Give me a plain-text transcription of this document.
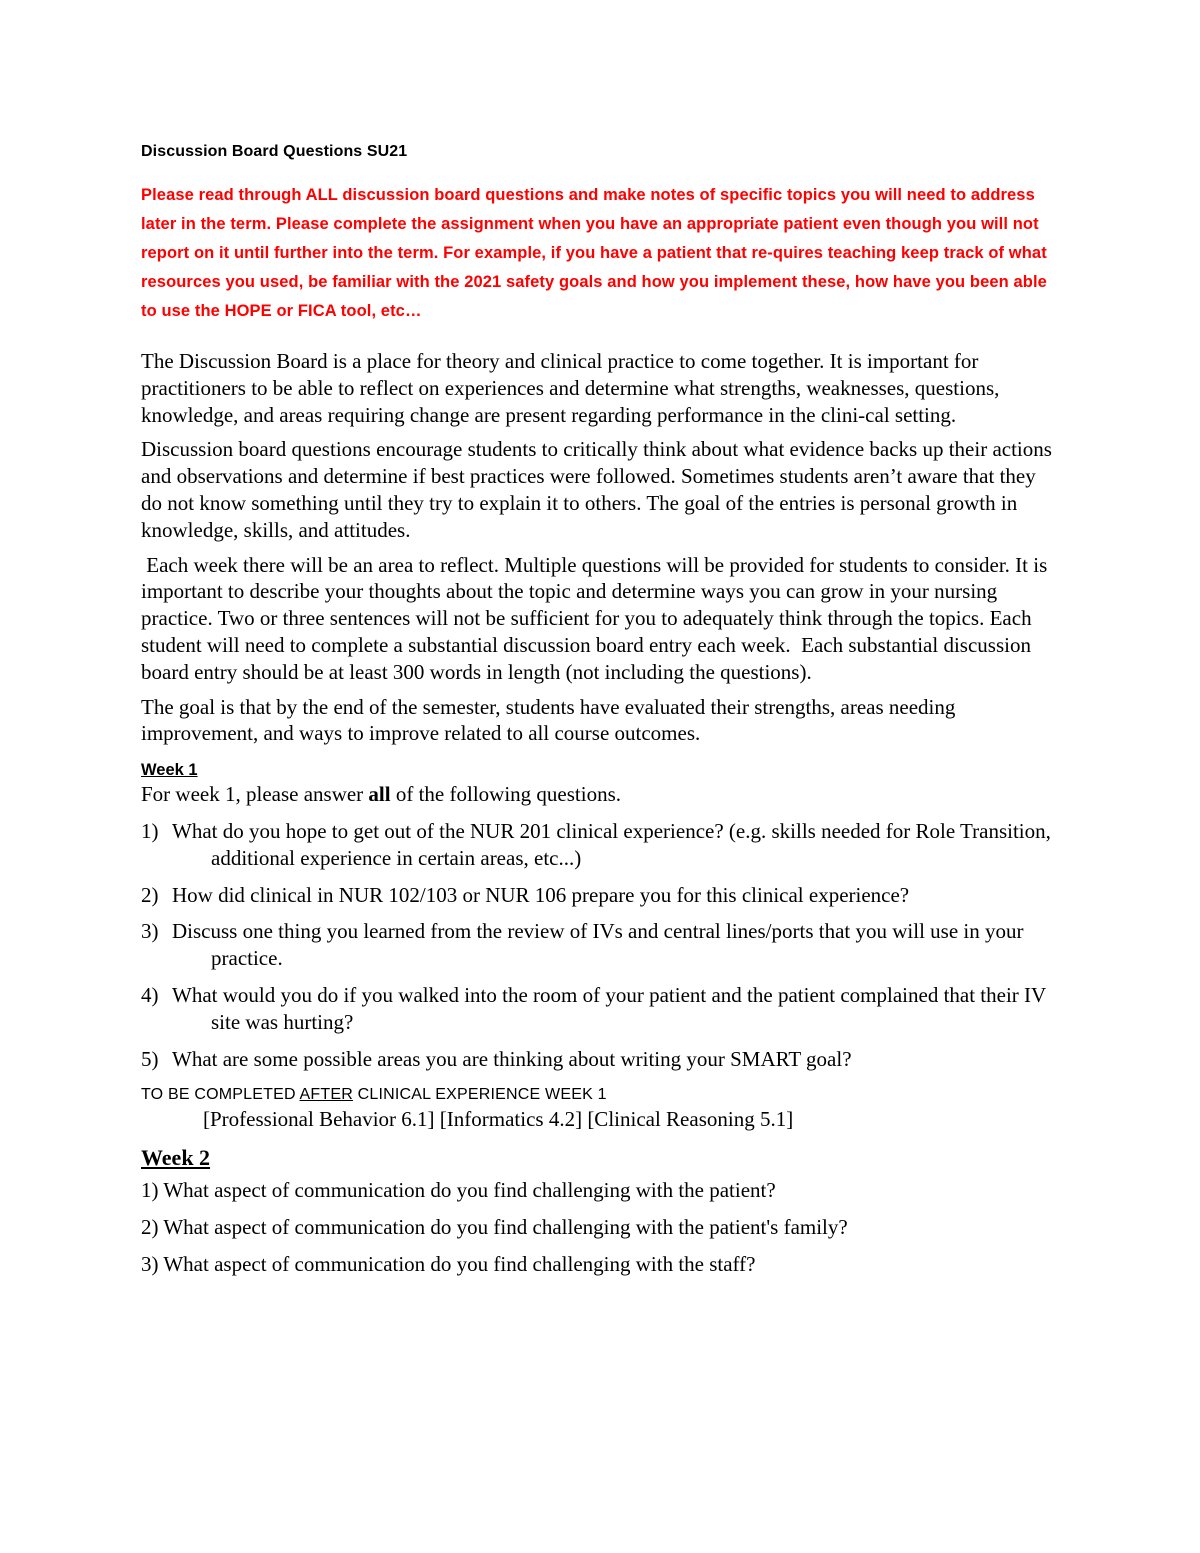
Discussion Board Questions SU21
Please read through ALL discussion board questions and make notes of specific topics you will need to address later in the term. Please complete the assignment when you have an appropriate patient even though you will not report on it until further into the term. For example, if you have a patient that re-quires teaching keep track of what resources you used, be familiar with the 2021 safety goals and how you implement these, how have you been able to use the HOPE or FICA tool, etc…

The Discussion Board is a place for theory and clinical practice to come together. It is important for practitioners to be able to reflect on experiences and determine what strengths, weaknesses, questions, knowledge, and areas requiring change are present regarding performance in the clini-cal setting.

Discussion board questions encourage students to critically think about what evidence backs up their actions and observations and determine if best practices were followed. Sometimes students aren’t aware that they do not know something until they try to explain it to others. The goal of the entries is personal growth in knowledge, skills, and attitudes.

Each week there will be an area to reflect. Multiple questions will be provided for students to consider. It is important to describe your thoughts about the topic and determine ways you can grow in your nursing practice. Two or three sentences will not be sufficient for you to adequately think through the topics. Each student will need to complete a substantial discussion board entry each week.  Each substantial discussion board entry should be at least 300 words in length (not including the questions).

The goal is that by the end of the semester, students have evaluated their strengths, areas needing improvement, and ways to improve related to all course outcomes.

Week 1

For week 1, please answer all of the following questions.

1) What do you hope to get out of the NUR 201 clinical experience? (e.g. skills needed for Role Transition, additional experience in certain areas, etc...)
2) How did clinical in NUR 102/103 or NUR 106 prepare you for this clinical experience?
3) Discuss one thing you learned from the review of IVs and central lines/ports that you will use in your practice.
4) What would you do if you walked into the room of your patient and the patient complained that their IV site was hurting?
5) What are some possible areas you are thinking about writing your SMART goal?
TO BE COMPLETED AFTER CLINICAL EXPERIENCE WEEK 1

[Professional Behavior 6.1] [Informatics 4.2] [Clinical Reasoning 5.1]

Week 2

1) What aspect of communication do you find challenging with the patient?

2) What aspect of communication do you find challenging with the patient's family?

3) What aspect of communication do you find challenging with the staff?
